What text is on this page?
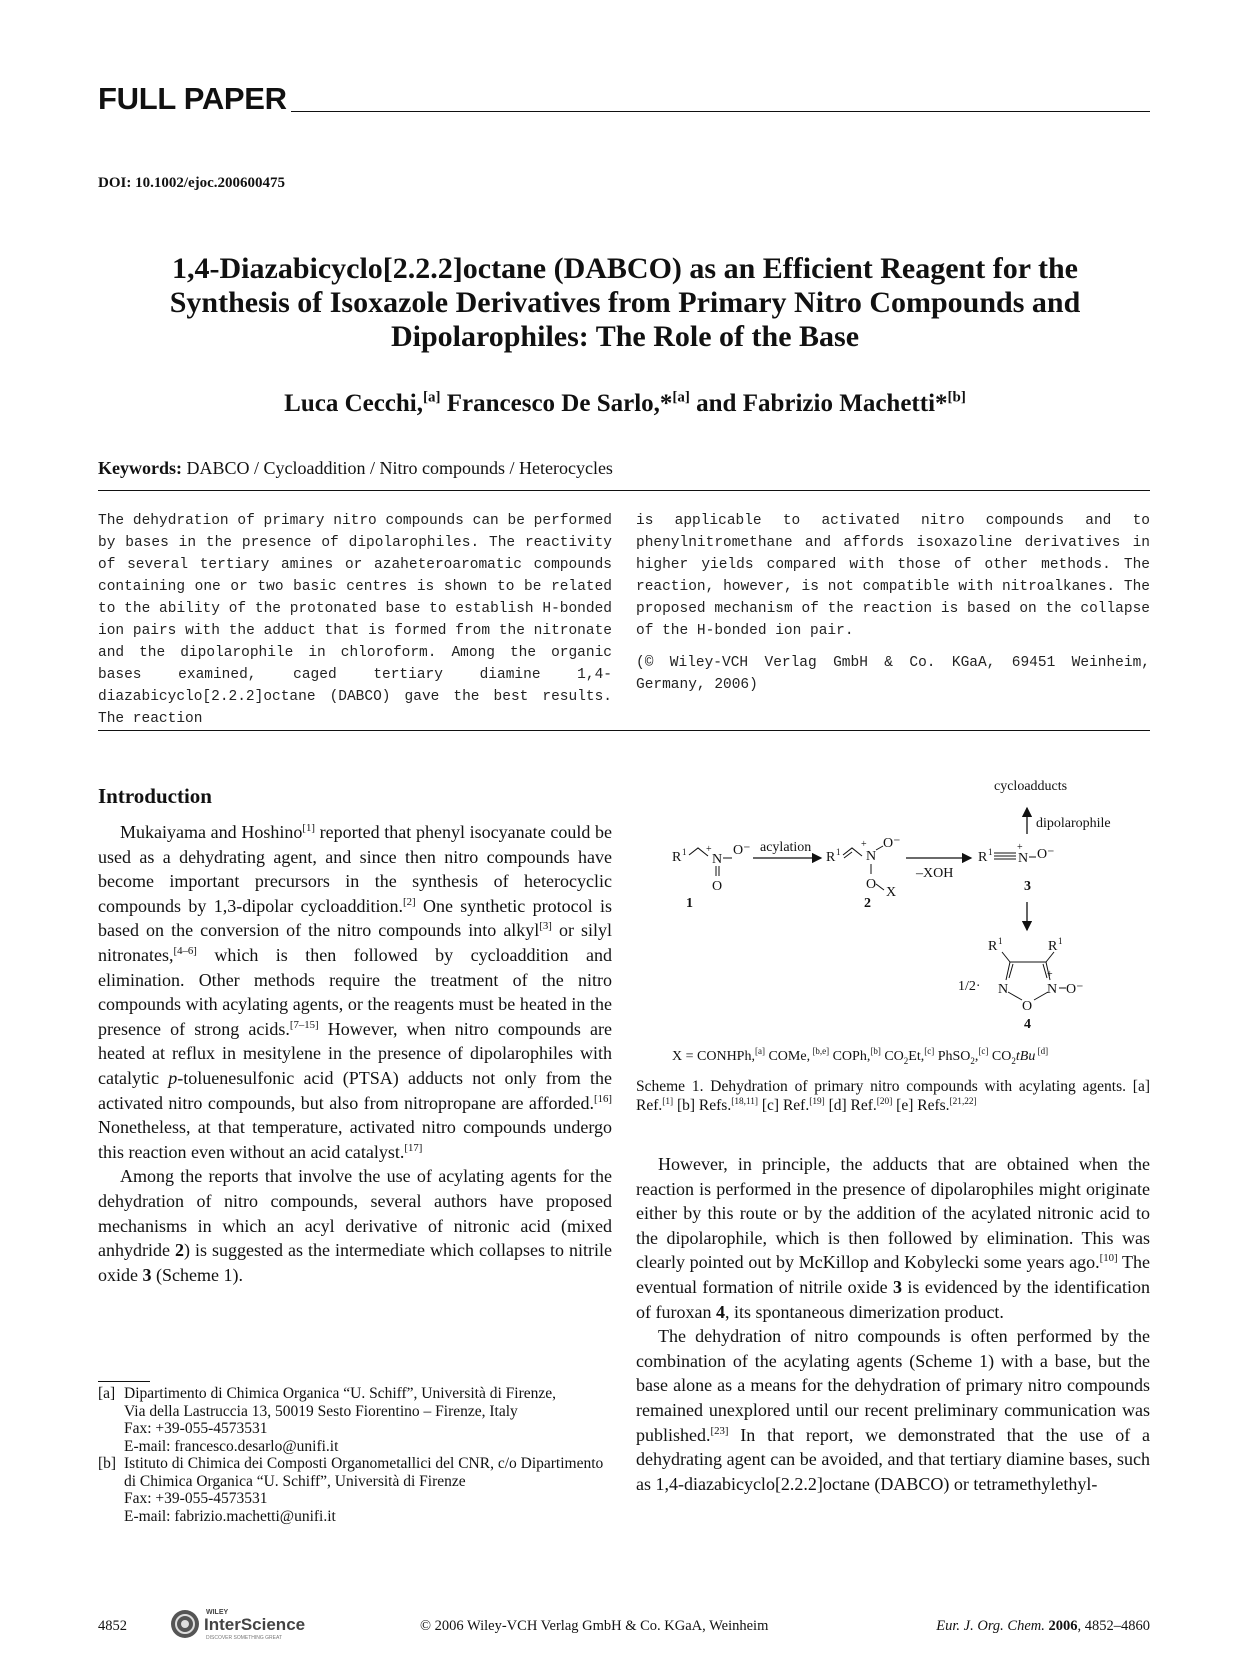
FULL PAPER
DOI: 10.1002/ejoc.200600475
1,4-Diazabicyclo[2.2.2]octane (DABCO) as an Efficient Reagent for the
Synthesis of Isoxazole Derivatives from Primary Nitro Compounds and
Dipolarophiles: The Role of the Base
Luca Cecchi,[a] Francesco De Sarlo,*[a] and Fabrizio Machetti*[b]
Keywords: DABCO / Cycloaddition / Nitro compounds / Heterocycles
The dehydration of primary nitro compounds can be performed by bases in the presence of dipolarophiles. The reactivity of several tertiary amines or azaheteroaromatic compounds containing one or two basic centres is shown to be related to the ability of the protonated base to establish H-bonded ion pairs with the adduct that is formed from the nitronate and the dipolarophile in chloroform. Among the organic bases examined, caged tertiary diamine 1,4-diazabicyclo[2.2.2]octane (DABCO) gave the best results. The reaction
is applicable to activated nitro compounds and to phenylnitromethane and affords isoxazoline derivatives in higher yields compared with those of other methods. The reaction, however, is not compatible with nitroalkanes. The proposed mechanism of the reaction is based on the collapse of the H-bonded ion pair.
(© Wiley-VCH Verlag GmbH & Co. KGaA, 69451 Weinheim, Germany, 2006)
Introduction

Mukaiyama and Hoshino[1] reported that phenyl isocyanate could be used as a dehydrating agent, and since then nitro compounds have become important precursors in the synthesis of heterocyclic compounds by 1,3-dipolar cycloaddition.[2] One synthetic protocol is based on the conversion of the nitro compounds into alkyl[3] or silyl nitronates,[4–6] which is then followed by cycloaddition and elimination. Other methods require the treatment of the nitro compounds with acylating agents, or the reagents must be heated in the presence of strong acids.[7–15] However, when nitro compounds are heated at reflux in mesitylene in the presence of dipolarophiles with catalytic p-toluenesulfonic acid (PTSA) adducts not only from the activated nitro compounds, but also from nitropropane are afforded.[16] Nonetheless, at that temperature, activated nitro compounds undergo this reaction even without an acid catalyst.[17]

Among the reports that involve the use of acylating agents for the dehydration of nitro compounds, several authors have proposed mechanisms in which an acyl derivative of nitronic acid (mixed anhydride 2) is suggested as the intermediate which collapses to nitrile oxide 3 (Scheme 1).

[a] Dipartimento di Chimica Organica “U. Schiff”, Università di Firenze,
Via della Lastruccia 13, 50019 Sesto Fiorentino – Firenze, Italy
Fax: +39-055-4573531
E-mail: francesco.desarlo@unifi.it
[b] Istituto di Chimica dei Composti Organometallici del CNR, c/o Dipartimento di Chimica Organica “U. Schiff”, Università di Firenze
Fax: +39-055-4573531
E-mail: fabrizio.machetti@unifi.it
cycloadducts
dipolarophile
R 1 +
N
O⁻
O
1
acylation
R 1
+
N
O⁻
O
X
2
–XOH
R 1 +
N O⁻
3
R 1	R 1
N
+
N
O
O⁻
1/2·
4
X = CONHPh,[a] COMe, [b,e] COPh,[b] $CO_2Et,[c]$ PhSO$_2$,[c] $CO_2tBu$ [d]
Scheme 1. Dehydration of primary nitro compounds with acylating agents. [a] Ref.[1] [b] Refs.[18,11] [c] Ref.[19] [d] Ref.[20] [e] Refs.[21,22]

However, in principle, the adducts that are obtained when the reaction is performed in the presence of dipolarophiles might originate either by this route or by the addition of the acylated nitronic acid to the dipolarophile, which is then followed by elimination. This was clearly pointed out by McKillop and Kobylecki some years ago.[10] The eventual formation of nitrile oxide 3 is evidenced by the identification of furoxan 4, its spontaneous dimerization product.

The dehydration of nitro compounds is often performed by the combination of the acylating agents (Scheme 1) with a base, but the base alone as a means for the dehydration of primary nitro compounds remained unexplored until our recent preliminary communication was published.[23] In that report, we demonstrated that the use of a dehydrating agent can be avoided, and that tertiary diamine bases, such as 1,4-diazabicyclo[2.2.2]octane (DABCO) or tetramethylethyl-

4852
WILEY
InterScience
DISCOVER SOMETHING GREAT
© 2006 Wiley-VCH Verlag GmbH & Co. KGaA, Weinheim	Eur. J. Org. Chem. 2006, 4852–4860
